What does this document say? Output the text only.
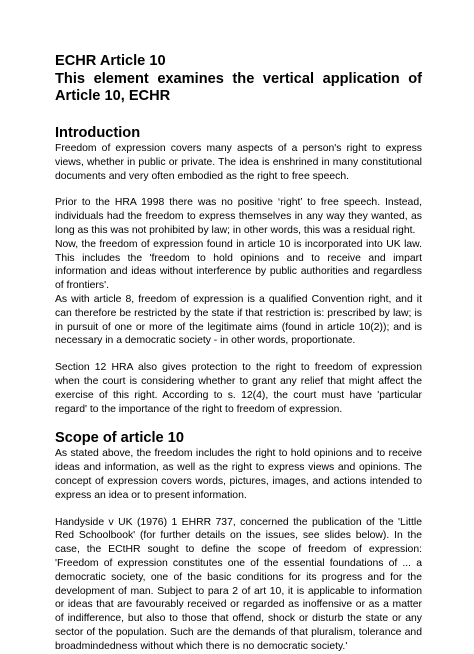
ECHR Article 10
This element examines the vertical application of Article 10, ECHR
Introduction

Freedom of expression covers many aspects of a person's right to express views, whether in public or private. The idea is enshrined in many constitutional documents and very often embodied as the right to free speech.

Prior to the HRA 1998 there was no positive ‘right’ to free speech. Instead, individuals had the freedom to express themselves in any way they wanted, as long as this was not prohibited by law; in other words, this was a residual right.

Now, the freedom of expression found in article 10 is incorporated into UK law. This includes the 'freedom to hold opinions and to receive and impart information and ideas without interference by public authorities and regardless of frontiers'.

As with article 8, freedom of expression is a qualified Convention right, and it can therefore be restricted by the state if that restriction is: prescribed by law; is in pursuit of one or more of the legitimate aims (found in article 10(2)); and is necessary in a democratic society - in other words, proportionate.

Section 12 HRA also gives protection to the right to freedom of expression when the court is considering whether to grant any relief that might affect the exercise of this right. According to s. 12(4), the court must have 'particular regard' to the importance of the right to freedom of expression.

Scope of article 10

As stated above, the freedom includes the right to hold opinions and to receive ideas and information, as well as the right to express views and opinions. The concept of expression covers words, pictures, images, and actions intended to express an idea or to present information.

Handyside v UK (1976) 1 EHRR 737, concerned the publication of the 'Little Red Schoolbook' (for further details on the issues, see slides below). In the case, the ECtHR sought to define the scope of freedom of expression: 'Freedom of expression constitutes one of the essential foundations of ... a democratic society, one of the basic conditions for its progress and for the development of man. Subject to para 2 of art 10, it is applicable to information or ideas that are favourably received or regarded as inoffensive or as a matter of indifference, but also to those that offend, shock or disturb the state or any sector of the population. Such are the demands of that pluralism, tolerance and broadmindedness without which there is no democratic society.'
